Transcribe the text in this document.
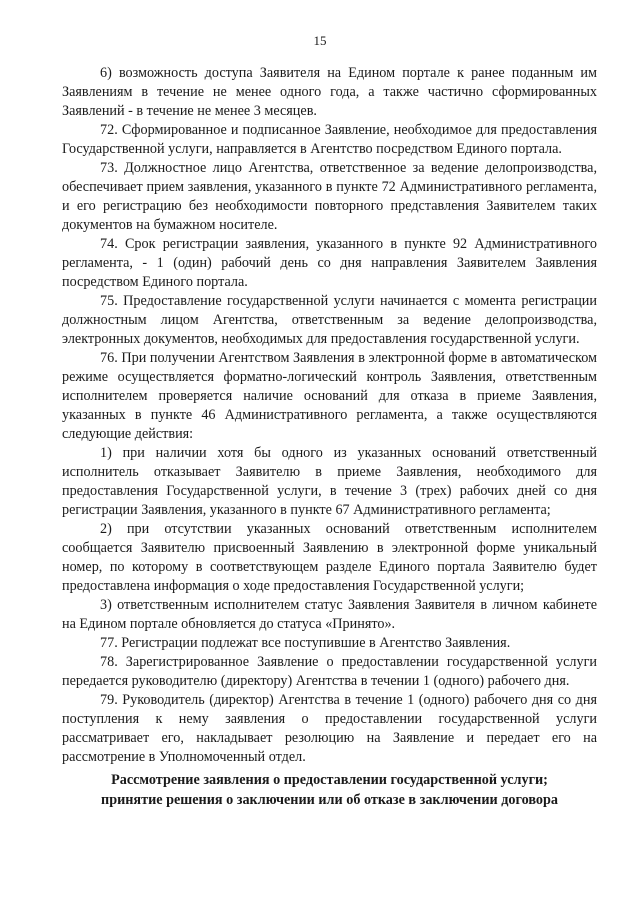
15

6) возможность доступа Заявителя на Едином портале к ранее поданным им Заявлениям в течение не менее одного года, а также частично сформированных Заявлений - в течение не менее 3 месяцев.

72. Сформированное и подписанное Заявление, необходимое для предоставления Государственной услуги, направляется в Агентство посредством Единого портала.

73. Должностное лицо Агентства, ответственное за ведение делопроизводства, обеспечивает прием заявления, указанного в пункте 72 Административного регламента, и его регистрацию без необходимости повторного представления Заявителем таких документов на бумажном носителе.

74. Срок регистрации заявления, указанного в пункте 92 Административного регламента, - 1 (один) рабочий день со дня направления Заявителем Заявления посредством Единого портала.

75. Предоставление государственной услуги начинается с момента регистрации должностным лицом Агентства, ответственным за ведение делопроизводства, электронных документов, необходимых для предоставления государственной услуги.

76. При получении Агентством Заявления в электронной форме в автоматическом режиме осуществляется форматно-логический контроль Заявления, ответственным исполнителем проверяется наличие оснований для отказа в приеме Заявления, указанных в пункте 46 Административного регламента, а также осуществляются следующие действия:

1) при наличии хотя бы одного из указанных оснований ответственный исполнитель отказывает Заявителю в приеме Заявления, необходимого для предоставления Государственной услуги, в течение 3 (трех) рабочих дней со дня регистрации Заявления, указанного в пункте 67 Административного регламента;

2) при отсутствии указанных оснований ответственным исполнителем сообщается Заявителю присвоенный Заявлению в электронной форме уникальный номер, по которому в соответствующем разделе Единого портала Заявителю будет предоставлена информация о ходе предоставления Государственной услуги;

3) ответственным исполнителем статус Заявления Заявителя в личном кабинете на Едином портале обновляется до статуса «Принято».

77. Регистрации подлежат все поступившие в Агентство Заявления.

78. Зарегистрированное Заявление о предоставлении государственной услуги передается руководителю (директору) Агентства в течении 1 (одного) рабочего дня.

79. Руководитель (директор) Агентства в течение 1 (одного) рабочего дня со дня поступления к нему заявления о предоставлении государственной услуги рассматривает его, накладывает резолюцию на Заявление и передает его на рассмотрение в Уполномоченный отдел.

Рассмотрение заявления о предоставлении государственной услуги;
принятие решения о заключении или об отказе в заключении договора
